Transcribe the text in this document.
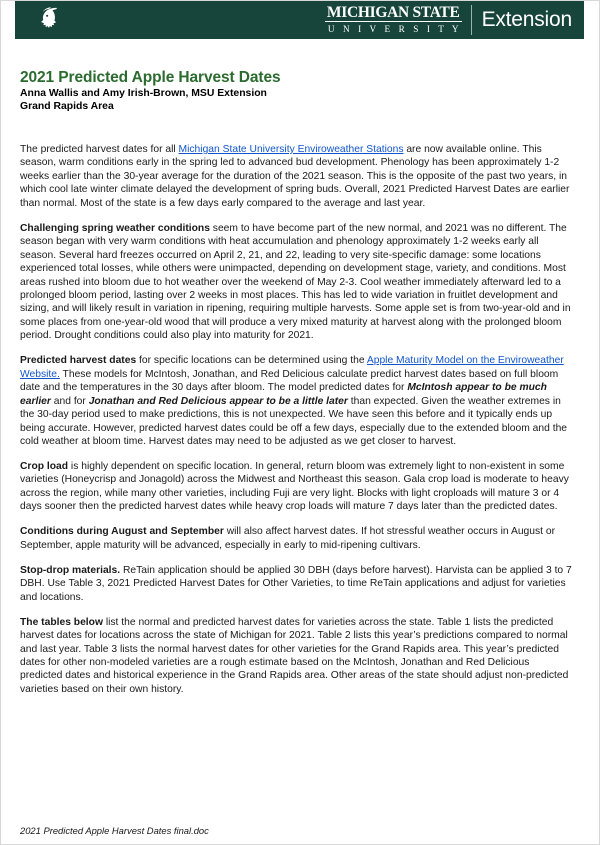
MICHIGAN STATE
U N I V E R S I T Y Extension
2021 Predicted Apple Harvest Dates
Anna Wallis and Amy Irish-Brown, MSU Extension
Grand Rapids Area

The predicted harvest dates for all Michigan State University Enviroweather Stations are now available online. This season, warm conditions early in the spring led to advanced bud development. Phenology has been approximately 1-2 weeks earlier than the 30-year average for the duration of the 2021 season. This is the opposite of the past two years, in which cool late winter climate delayed the development of spring buds. Overall, 2021 Predicted Harvest Dates are earlier than normal. Most of the state is a few days early compared to the average and last year.

Challenging spring weather conditions seem to have become part of the new normal, and 2021 was no different. The season began with very warm conditions with heat accumulation and phenology approximately 1-2 weeks early all season. Several hard freezes occurred on April 2, 21, and 22, leading to very site-specific damage: some locations experienced total losses, while others were unimpacted, depending on development stage, variety, and conditions. Most areas rushed into bloom due to hot weather over the weekend of May 2-3. Cool weather immediately afterward led to a prolonged bloom period, lasting over 2 weeks in most places. This has led to wide variation in fruitlet development and sizing, and will likely result in variation in ripening, requiring multiple harvests. Some apple set is from two-year-old and in some places from one-year-old wood that will produce a very mixed maturity at harvest along with the prolonged bloom period. Drought conditions could also play into maturity for 2021.

Predicted harvest dates for specific locations can be determined using the Apple Maturity Model on the Enviroweather Website. These models for McIntosh, Jonathan, and Red Delicious calculate predict harvest dates based on full bloom date and the temperatures in the 30 days after bloom. The model predicted dates for McIntosh appear to be much earlier and for Jonathan and Red Delicious appear to be a little later than expected. Given the weather extremes in the 30-day period used to make predictions, this is not unexpected. We have seen this before and it typically ends up being accurate. However, predicted harvest dates could be off a few days, especially due to the extended bloom and the cold weather at bloom time. Harvest dates may need to be adjusted as we get closer to harvest.

Crop load is highly dependent on specific location. In general, return bloom was extremely light to non-existent in some varieties (Honeycrisp and Jonagold) across the Midwest and Northeast this season. Gala crop load is moderate to heavy across the region, while many other varieties, including Fuji are very light. Blocks with light croploads will mature 3 or 4 days sooner then the predicted harvest dates while heavy crop loads will mature 7 days later than the predicted dates.

Conditions during August and September will also affect harvest dates. If hot stressful weather occurs in August or September, apple maturity will be advanced, especially in early to mid-ripening cultivars.

Stop-drop materials. ReTain application should be applied 30 DBH (days before harvest). Harvista can be applied 3 to 7 DBH. Use Table 3, 2021 Predicted Harvest Dates for Other Varieties, to time ReTain applications and adjust for varieties and locations.

The tables below list the normal and predicted harvest dates for varieties across the state. Table 1 lists the predicted harvest dates for locations across the state of Michigan for 2021. Table 2 lists this year’s predictions compared to normal and last year. Table 3 lists the normal harvest dates for other varieties for the Grand Rapids area. This year’s predicted dates for other non-modeled varieties are a rough estimate based on the McIntosh, Jonathan and Red Delicious predicted dates and historical experience in the Grand Rapids area. Other areas of the state should adjust non-predicted varieties based on their own history.

2021 Predicted Apple Harvest Dates final.doc
